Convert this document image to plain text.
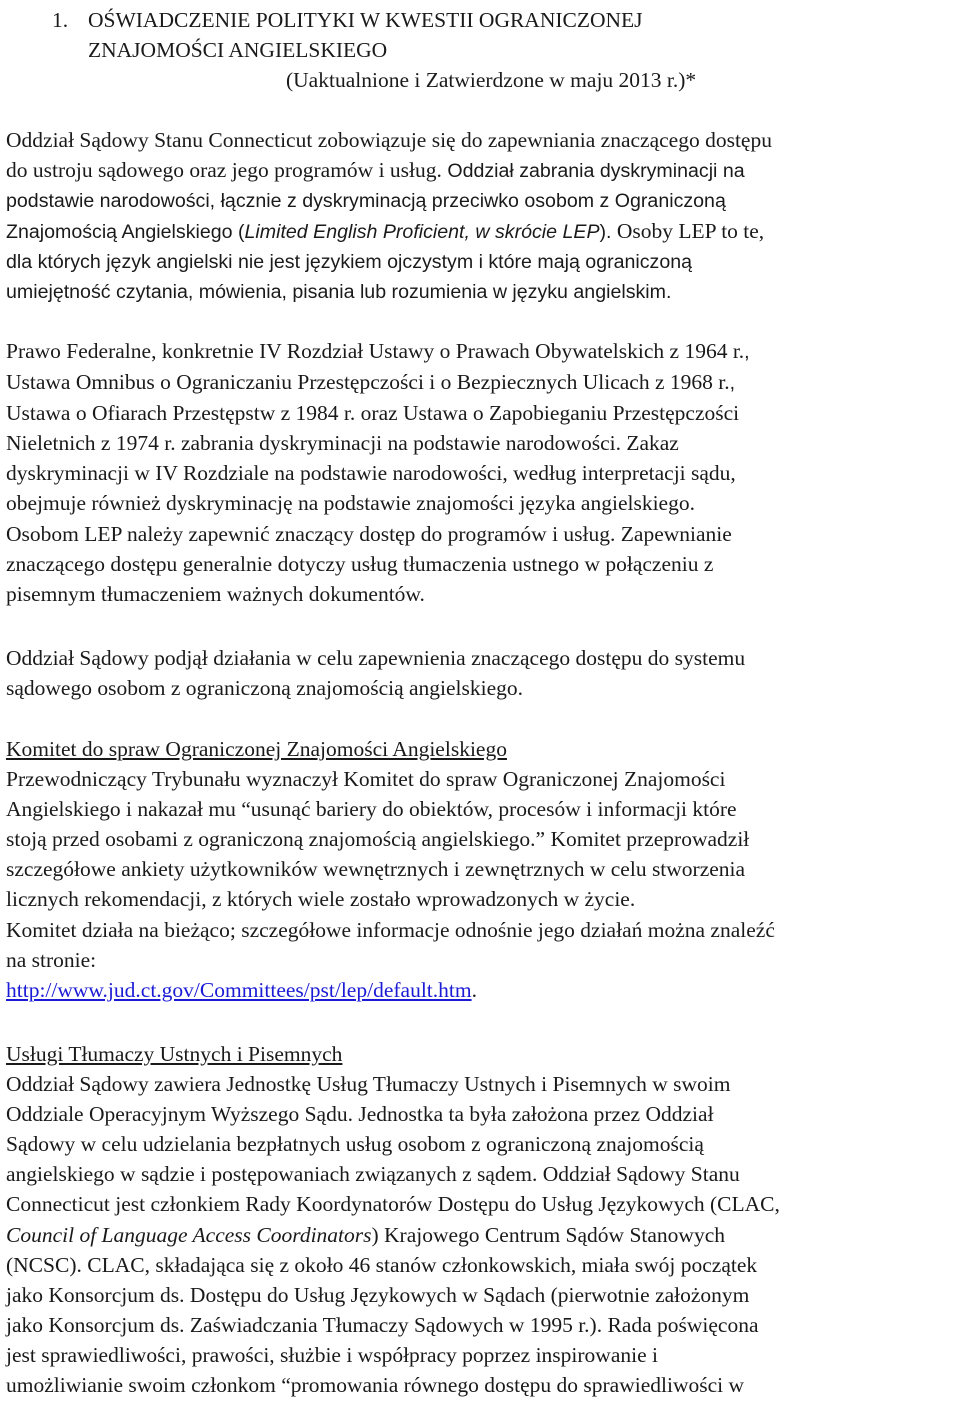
1. OŚWIADCZENIE POLITYKI W KWESTII OGRANICZONEJ
ZNAJOMOŚCI ANGIELSKIEGO
(Uaktualnione i Zatwierdzone w maju 2013 r.)*
Oddział Sądowy Stanu Connecticut zobowiązuje się do zapewniania znaczącego dostępu
do ustroju sądowego oraz jego programów i usług. Oddział zabrania dyskryminacji na
podstawie narodowości, łącznie z dyskryminacją przeciwko osobom z Ograniczoną
Znajomością Angielskiego (Limited English Proficient, w skrócie LEP). Osoby LEP to te,
dla których język angielski nie jest językiem ojczystym i które mają ograniczoną
umiejętność czytania, mówienia, pisania lub rozumienia w języku angielskim.
Prawo Federalne, konkretnie IV Rozdział Ustawy o Prawach Obywatelskich z 1964 r.,
Ustawa Omnibus o Ograniczaniu Przestępczości i o Bezpiecznych Ulicach z 1968 r.,
Ustawa o Ofiarach Przestępstw z 1984 r. oraz Ustawa o Zapobieganiu Przestępczości
Nieletnich z 1974 r. zabrania dyskryminacji na podstawie narodowości. Zakaz
dyskryminacji w IV Rozdziale na podstawie narodowości, według interpretacji sądu,
obejmuje również dyskryminację na podstawie znajomości języka angielskiego.
Osobom LEP należy zapewnić znaczący dostęp do programów i usług. Zapewnianie
znaczącego dostępu generalnie dotyczy usług tłumaczenia ustnego w połączeniu z
pisemnym tłumaczeniem ważnych dokumentów.
Oddział Sądowy podjął działania w celu zapewnienia znaczącego dostępu do systemu
sądowego osobom z ograniczoną znajomością angielskiego.
Komitet do spraw Ograniczonej Znajomości Angielskiego
Przewodniczący Trybunału wyznaczył Komitet do spraw Ograniczonej Znajomości
Angielskiego i nakazał mu “usunąć bariery do obiektów, procesów i informacji które
stoją przed osobami z ograniczoną znajomością angielskiego.” Komitet przeprowadził
szczegółowe ankiety użytkowników wewnętrznych i zewnętrznych w celu stworzenia
licznych rekomendacji, z których wiele zostało wprowadzonych w życie.
Komitet działa na bieżąco; szczegółowe informacje odnośnie jego działań można znaleźć
na stronie:
http://www.jud.ct.gov/Committees/pst/lep/default.htm.
Usługi Tłumaczy Ustnych i Pisemnych
Oddział Sądowy zawiera Jednostkę Usług Tłumaczy Ustnych i Pisemnych w swoim
Oddziale Operacyjnym Wyższego Sądu. Jednostka ta była założona przez Oddział
Sądowy w celu udzielania bezpłatnych usług osobom z ograniczoną znajomością
angielskiego w sądzie i postępowaniach związanych z sądem. Oddział Sądowy Stanu
Connecticut jest członkiem Rady Koordynatorów Dostępu do Usług Językowych (CLAC,
Council of Language Access Coordinators) Krajowego Centrum Sądów Stanowych
(NCSC). CLAC, składająca się z około 46 stanów członkowskich, miała swój początek
jako Konsorcjum ds. Dostępu do Usług Językowych w Sądach (pierwotnie założonym
jako Konsorcjum ds. Zaświadczania Tłumaczy Sądowych w 1995 r.). Rada poświęcona
jest sprawiedliwości, prawości, służbie i współpracy poprzez inspirowanie i
umożliwianie swoim członkom “promowania równego dostępu do sprawiedliwości w
